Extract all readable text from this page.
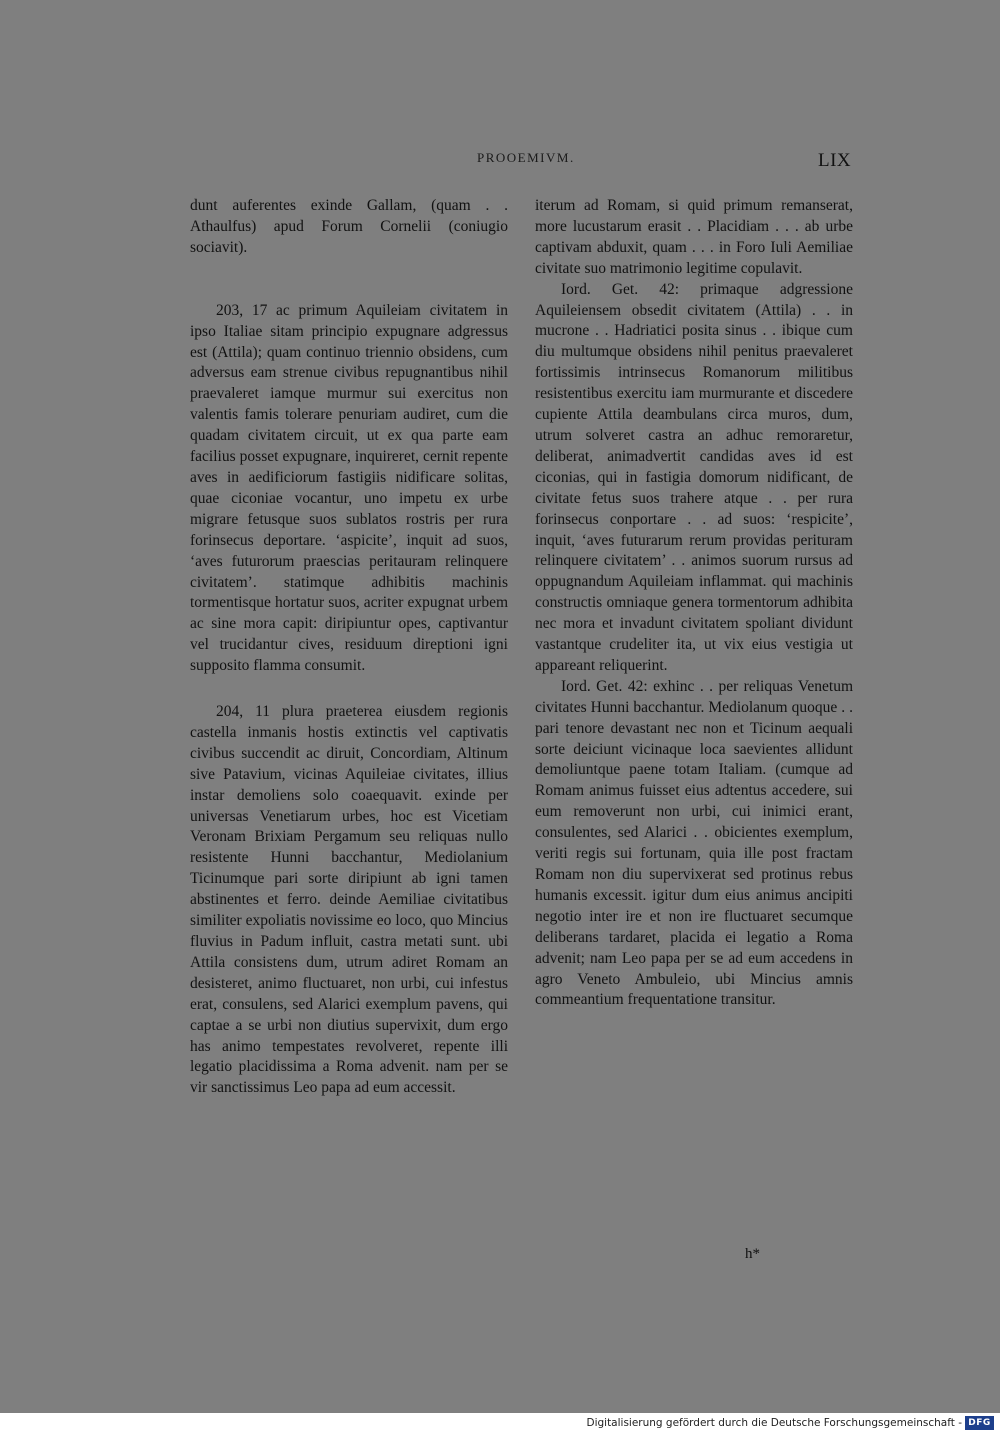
PROOEMIVM.	LIX

dunt auferentes exinde Gallam, (quam . . Athaulfus) apud Forum Cornelii (coniugio sociavit).

203, 17 ac primum Aquileiam civitatem in ipso Italiae sitam principio expugnare adgressus est (Attila); quam continuo triennio obsidens, cum adversus eam strenue civibus repugnantibus nihil praevaleret iamque murmur sui exercitus non valentis famis tolerare penuriam audiret, cum die quadam civitatem circuit, ut ex qua parte eam facilius posset expugnare, inquireret, cernit repente aves in aedificiorum fastigiis nidificare solitas, quae ciconiae vocantur, uno impetu ex urbe migrare fetusque suos sublatos rostris per rura forinsecus deportare. ‘aspicite’, inquit ad suos, ‘aves futurorum praescias peritauram relinquere civitatem’. statimque adhibitis machinis tormentisque hortatur suos, acriter expugnat urbem ac sine mora capit: diripiuntur opes, captivantur vel trucidantur cives, residuum direptioni igni supposito flamma consumit.

204, 11 plura praeterea eiusdem regionis castella inmanis hostis extinctis vel captivatis civibus succendit ac diruit, Concordiam, Altinum sive Patavium, vicinas Aquileiae civitates, illius instar demoliens solo coaequavit. exinde per universas Venetiarum urbes, hoc est Vicetiam Veronam Brixiam Pergamum seu reliquas nullo resistente Hunni bacchantur, Mediolanium Ticinumque pari sorte diripiunt ab igni tamen abstinentes et ferro. deinde Aemiliae civitatibus similiter expoliatis novissime eo loco, quo Mincius fluvius in Padum influit, castra metati sunt. ubi Attila consistens dum, utrum adiret Romam an desisteret, animo fluctuaret, non urbi, cui infestus erat, consulens, sed Alarici exemplum pavens, qui captae a se urbi non diutius supervixit, dum ergo has animo tempestates revolveret, repente illi legatio placidissima a Roma advenit. nam per se vir sanctissimus Leo papa ad eum accessit.

iterum ad Romam, si quid primum remanserat, more lucustarum erasit . . Placidiam . . . ab urbe captivam abduxit, quam . . . in Foro Iuli Aemiliae civitate suo matrimonio legitime copulavit.

Iord. Get. 42: primaque adgressione Aquileiensem obsedit civitatem (Attila) . . in mucrone . . Hadriatici posita sinus . . ibique cum diu multumque obsidens nihil penitus praevaleret fortissimis intrinsecus Romanorum militibus resistentibus exercitu iam murmurante et discedere cupiente Attila deambulans circa muros, dum, utrum solveret castra an adhuc remoraretur, deliberat, animadvertit candidas aves id est ciconias, qui in fastigia domorum nidificant, de civitate fetus suos trahere atque . . per rura forinsecus conportare . . ad suos: ‘respicite’, inquit, ‘aves futurarum rerum providas perituram relinquere civitatem’ . . animos suorum rursus ad oppugnandum Aquileiam inflammat. qui machinis constructis omniaque genera tormentorum adhibita nec mora et invadunt civitatem spoliant dividunt vastantque crudeliter ita, ut vix eius vestigia ut appareant reliquerint.

Iord. Get. 42: exhinc . . per reliquas Venetum civitates Hunni bacchantur. Mediolanum quoque . . pari tenore devastant nec non et Ticinum aequali sorte deiciunt vicinaque loca saevientes allidunt demoliuntque paene totam Italiam. (cumque ad Romam animus fuisset eius adtentus accedere, sui eum removerunt non urbi, cui inimici erant, consulentes, sed Alarici . . obicientes exemplum, veriti regis sui fortunam, quia ille post fractam Romam non diu supervixerat sed protinus rebus humanis excessit. igitur dum eius animus ancipiti negotio inter ire et non ire fluctuaret secumque deliberans tardaret, placida ei legatio a Roma advenit; nam Leo papa per se ad eum accedens in agro Veneto Ambuleio, ubi Mincius amnis commeantium frequentatione transitur.

h*

Digitalisierung gefördert durch die Deutsche Forschungsgemeinschaft - DFG
